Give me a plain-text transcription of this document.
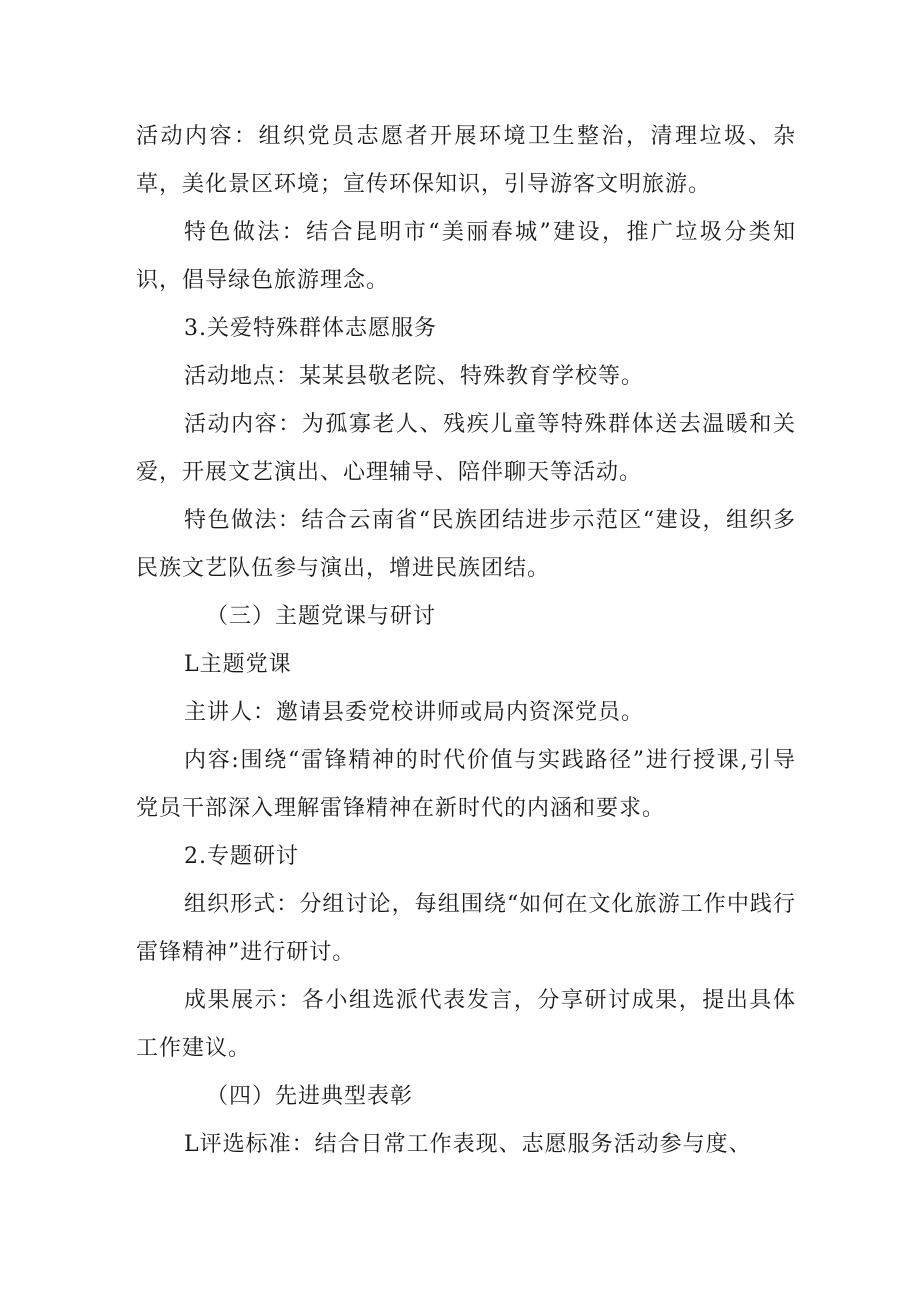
活动内容：组织党员志愿者开展环境卫生整治，清理垃圾、杂草，美化景区环境；宣传环保知识，引导游客文明旅游。

特色做法：结合昆明市“美丽春城”建设，推广垃圾分类知识，倡导绿色旅游理念。

3.关爱特殊群体志愿服务

活动地点：某某县敬老院、特殊教育学校等。

活动内容：为孤寡老人、残疾儿童等特殊群体送去温暖和关爱，开展文艺演出、心理辅导、陪伴聊天等活动。

特色做法：结合云南省“民族团结进步示范区“建设，组织多民族文艺队伍参与演出，增进民族团结。

（三）主题党课与研讨

L主题党课

主讲人：邀请县委党校讲师或局内资深党员。

内容:围绕“雷锋精神的时代价值与实践路径”进行授课,引导党员干部深入理解雷锋精神在新时代的内涵和要求。

2.专题研讨

组织形式：分组讨论，每组围绕“如何在文化旅游工作中践行雷锋精神”进行研讨。

成果展示：各小组选派代表发言，分享研讨成果，提出具体工作建议。

（四）先进典型表彰

L评选标准：结合日常工作表现、志愿服务活动参与度、
